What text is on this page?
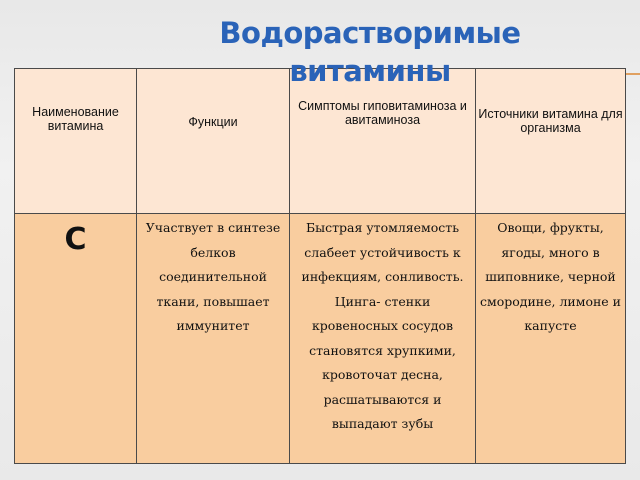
Водорастворимые витамины
Наименование витамина	Функции	Симптомы гиповитаминоза и авитаминоза	Источники витамина для организма
С	Участвует в синтезе белков соединительной ткани, повышает иммунитет	Быстрая утомляемость слабеет устойчивость к инфекциям, сонливость. Цинга- стенки кровеносных сосудов становятся хрупкими, кровоточат десна, расшатываются и выпадают зубы	Овощи, фрукты, ягоды, много в шиповнике, черной смородине, лимоне и капусте
